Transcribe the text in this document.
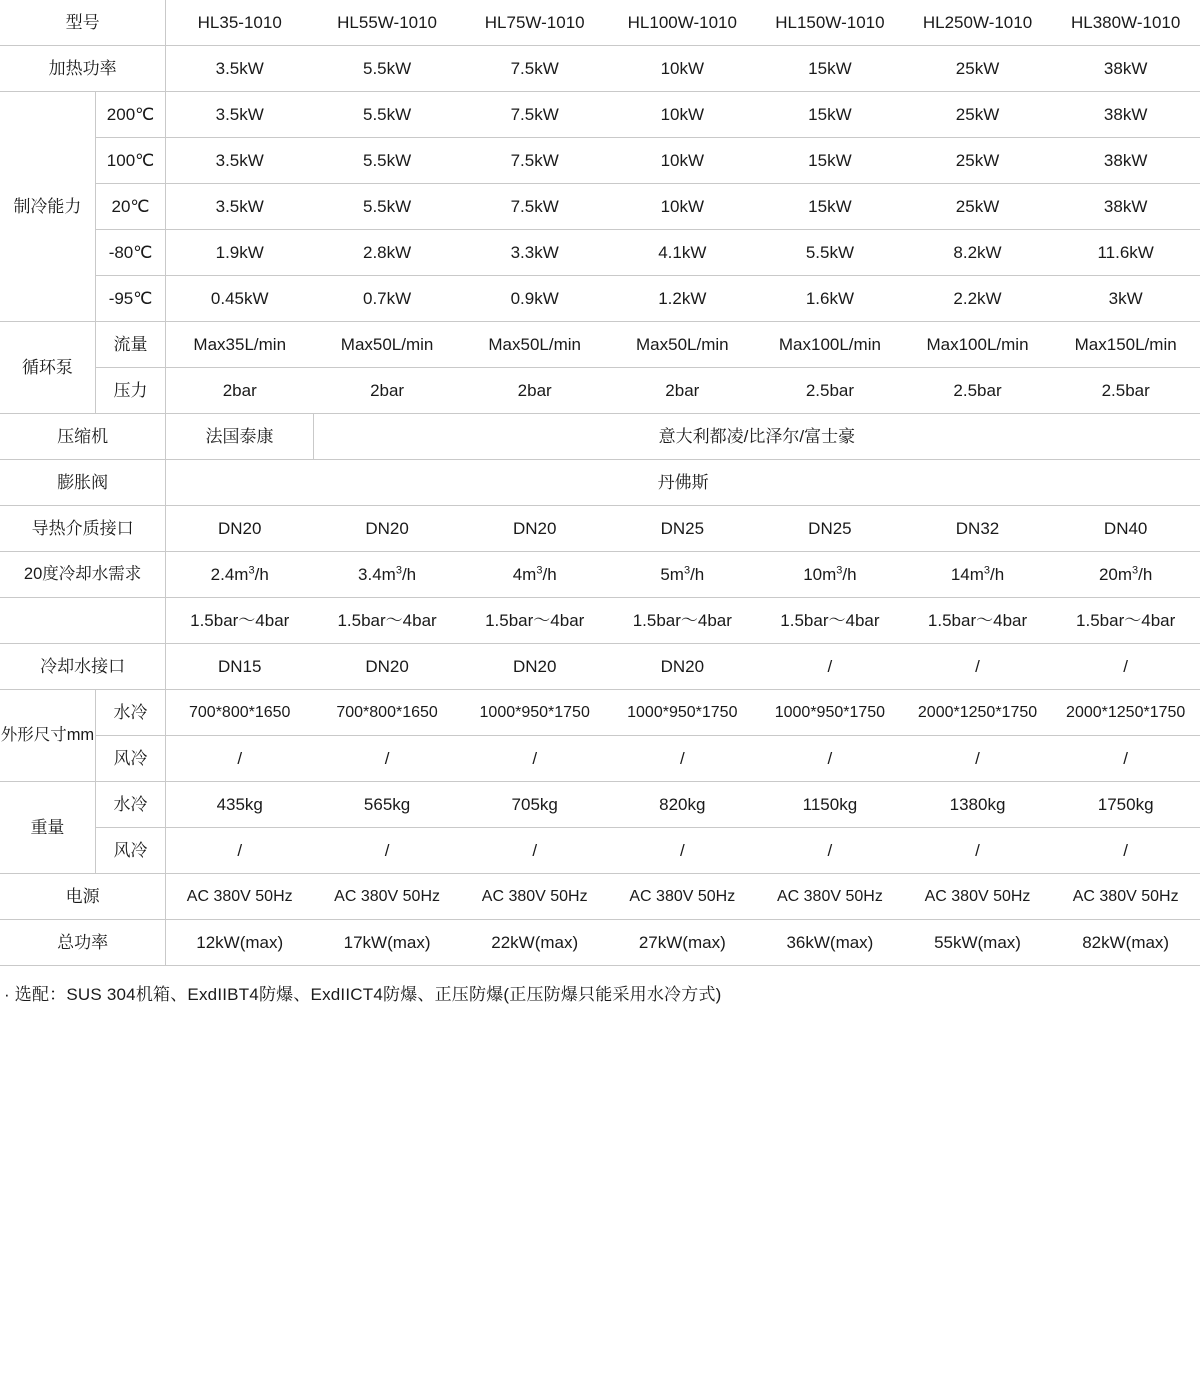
型号		HL35-1010	HL55W-1010	HL75W-1010	HL100W-1010	HL150W-1010	HL250W-1010	HL380W-1010
加热功率		3.5kW	5.5kW	7.5kW	10kW	15kW	25kW	38kW
制冷能力	200℃	3.5kW	5.5kW	7.5kW	10kW	15kW	25kW	38kW
	100℃	3.5kW	5.5kW	7.5kW	10kW	15kW	25kW	38kW
	20℃	3.5kW	5.5kW	7.5kW	10kW	15kW	25kW	38kW
	-80℃	1.9kW	2.8kW	3.3kW	4.1kW	5.5kW	8.2kW	11.6kW
	-95℃	0.45kW	0.7kW	0.9kW	1.2kW	1.6kW	2.2kW	3kW
循环泵	流量	Max35L/min	Max50L/min	Max50L/min	Max50L/min	Max100L/min	Max100L/min	Max150L/min
	压力	2bar	2bar	2bar	2bar	2.5bar	2.5bar	2.5bar
压缩机		法国泰康	意大利都凌/比泽尔/富士豪					
膨胀阀		丹佛斯						
导热介质接口		DN20	DN20	DN20	DN25	DN25	DN32	DN40
20度冷却水需求		$2.4m^3/h$	$3.4m^3/h$	$4m^3/h$	$5m^3/h$	$10m^3/h$	$14m^3/h$	$20m^3/h$
		1.5bar～4bar	1.5bar～4bar	1.5bar～4bar	1.5bar～4bar	1.5bar～4bar	1.5bar～4bar	1.5bar～4bar
冷却水接口		DN15	DN20	DN20	DN20	/	/	/
外形尺寸mm	水冷	700*800*1650	700*800*1650	1000*950*1750	1000*950*1750	1000*950*1750	2000*1250*1750	2000*1250*1750
	风冷	/	/	/	/	/	/	/
重量	水冷	435kg	565kg	705kg	820kg	1150kg	1380kg	1750kg
	风冷	/	/	/	/	/	/	/
电源		AC 380V 50Hz	AC 380V 50Hz	AC 380V 50Hz	AC 380V 50Hz	AC 380V 50Hz	AC 380V 50Hz	AC 380V 50Hz
总功率		12kW(max)	17kW(max)	22kW(max)	27kW(max)	36kW(max)	55kW(max)	82kW(max)
· 选配：SUS 304机箱、ExdIIBT4防爆、ExdIICT4防爆、正压防爆(正压防爆只能采用水冷方式)
